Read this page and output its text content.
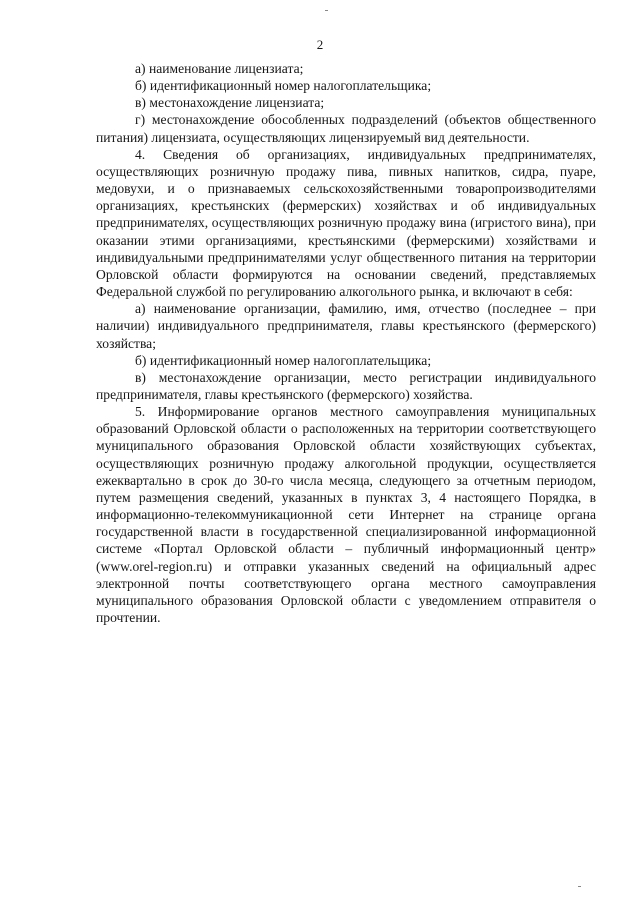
2

а) наименование лицензиата;

б) идентификационный номер налогоплательщика;

в) местонахождение лицензиата;

г) местонахождение обособленных подразделений (объектов общественного питания) лицензиата, осуществляющих лицензируемый вид деятельности.

4. Сведения об организациях, индивидуальных предпринимателях, осуществляющих розничную продажу пива, пивных напитков, сидра, пуаре, медовухи, и о признаваемых сельскохозяйственными товаропроизводителями организациях, крестьянских (фермерских) хозяйствах и об индивидуальных предпринимателях, осуществляющих розничную продажу вина (игристого вина), при оказании этими организациями, крестьянскими (фермерскими) хозяйствами и индивидуальными предпринимателями услуг общественного питания на территории Орловской области формируются на основании сведений, представляемых Федеральной службой по регулированию алкогольного рынка, и включают в себя:

а) наименование организации, фамилию, имя, отчество (последнее – при наличии) индивидуального предпринимателя, главы крестьянского (фермерского) хозяйства;

б) идентификационный номер налогоплательщика;

в) местонахождение организации, место регистрации индивидуального предпринимателя, главы крестьянского (фермерского) хозяйства.

5. Информирование органов местного самоуправления муниципальных образований Орловской области о расположенных на территории соответствующего муниципального образования Орловской области хозяйствующих субъектах, осуществляющих розничную продажу алкогольной продукции, осуществляется ежеквартально в срок до 30-го числа месяца, следующего за отчетным периодом, путем размещения сведений, указанных в пунктах 3, 4 настоящего Порядка, в информационно-телекоммуникационной сети Интернет на странице органа государственной власти в государственной специализированной информационной системе «Портал Орловской области – публичный информационный центр» (www.orel-region.ru) и отправки указанных сведений на официальный адрес электронной почты соответствующего органа местного самоуправления муниципального образования Орловской области с уведомлением отправителя о прочтении.
